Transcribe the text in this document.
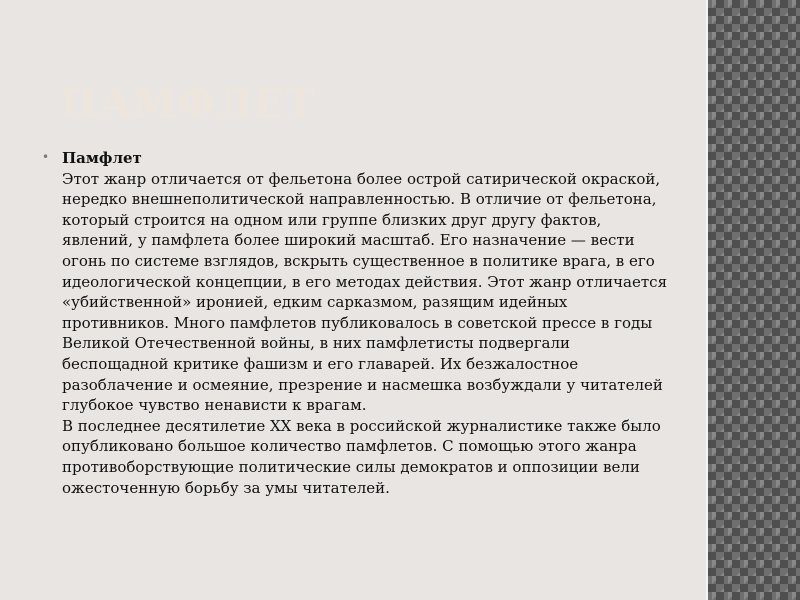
ПАМФЛЕТ
• Памфлет
Этот жанр отличается от фельетона более острой сатирической окраской, нередко внешнеполитической направленностью. В отличие от фельетона, который строится на одном или группе близких друг другу фактов, явлений, у памфлета более широкий масштаб. Его назначение — вести огонь по системе взглядов, вскрыть существенное в политике врага, в его идеологической концепции, в его методах действия. Этот жанр отличается «убийственной» иронией, едким сарказмом, разящим идейных противников. Много памфлетов публиковалось в советской прессе в годы Великой Отечественной войны, в них памфлетисты подвергали беспощадной критике фашизм и его главарей. Их безжалостное разоблачение и осмеяние, презрение и насмешка возбуждали у читателей глубокое чувство ненависти к врагам.
В последнее десятилетие XX века в российской журналистике также было опубликовано большое количество памфлетов. С помощью этого жанра противоборствующие политические силы демократов и оппозиции вели ожесточенную борьбу за умы читателей.
